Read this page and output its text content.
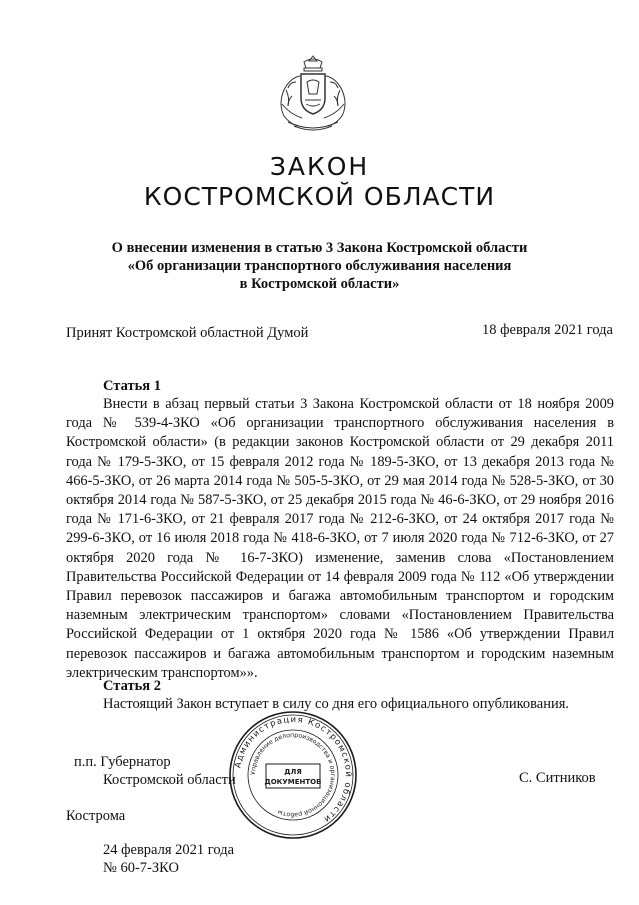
ЗАКОН
КОСТРОМСКОЙ ОБЛАСТИ
О внесении изменения в статью 3 Закона Костромской области
«Об организации транспортного обслуживания населения
в Костромской области»
Принят Костромской областной Думой	18 февраля 2021 года
Статья 1
Внести в абзац первый статьи 3 Закона Костромской области от 18 ноября 2009 года № 539-4-ЗКО «Об организации транспортного обслуживания населения в Костромской области» (в редакции законов Костромской области от 29 декабря 2011 года № 179-5-ЗКО, от 15 февраля 2012 года № 189-5-ЗКО, от 13 декабря 2013 года № 466-5-ЗКО, от 26 марта 2014 года № 505-5-ЗКО, от 29 мая 2014 года № 528-5-ЗКО, от 30 октября 2014 года № 587-5-ЗКО, от 25 декабря 2015 года № 46-6-ЗКО, от 29 ноября 2016 года № 171-6-ЗКО, от 21 февраля 2017 года № 212-6-ЗКО, от 24 октября 2017 года № 299-6-ЗКО, от 16 июля 2018 года № 418-6-ЗКО, от 7 июля 2020 года № 712-6-ЗКО, от 27 октября 2020 года № 16-7-ЗКО) изменение, заменив слова «Постановлением Правительства Российской Федерации от 14 февраля 2009 года № 112 «Об утверждении Правил перевозок пассажиров и багажа автомобильным транспортом и городским наземным электрическим транспортом» словами «Постановлением Правительства Российской Федерации от 1 октября 2020 года № 1586 «Об утверждении Правил перевозок пассажиров и багажа автомобильным транспортом и городским наземным электрическим транспортом»».
Статья 2
Настоящий Закон вступает в силу со дня его официального опубликования.
п.п. Губернатор
Костромской области	С. Ситников
Администрация Костромской области
Управление делопроизводства и организационной работы
ДЛЯ
ДОКУМЕНТОВ
Кострома
24 февраля 2021 года
№ 60-7-ЗКО
